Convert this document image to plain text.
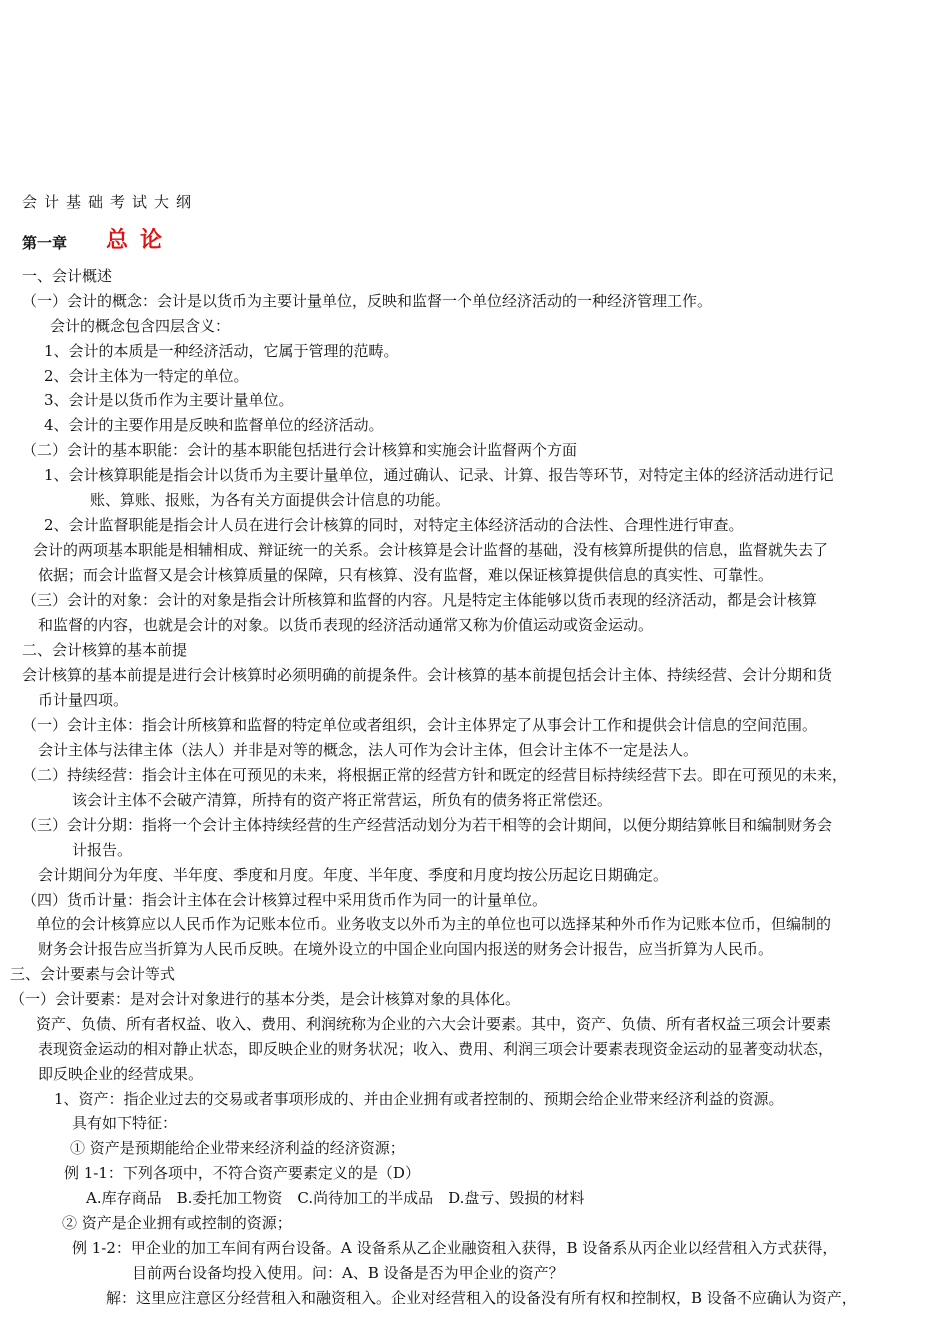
会计基础考试大纲
第一章 总论
一、会计概述
（一）会计的概念：会计是以货币为主要计量单位，反映和监督一个单位经济活动的一种经济管理工作。
会计的概念包含四层含义：
1、会计的本质是一种经济活动，它属于管理的范畴。
2、会计主体为一特定的单位。
3、会计是以货币作为主要计量单位。
4、会计的主要作用是反映和监督单位的经济活动。
（二）会计的基本职能：会计的基本职能包括进行会计核算和实施会计监督两个方面
1、会计核算职能是指会计以货币为主要计量单位，通过确认、记录、计算、报告等环节，对特定主体的经济活动进行记
账、算账、报账，为各有关方面提供会计信息的功能。
2、会计监督职能是指会计人员在进行会计核算的同时，对特定主体经济活动的合法性、合理性进行审查。
会计的两项基本职能是相辅相成、辩证统一的关系。会计核算是会计监督的基础，没有核算所提供的信息，监督就失去了
依据；而会计监督又是会计核算质量的保障，只有核算、没有监督，难以保证核算提供信息的真实性、可靠性。
（三）会计的对象：会计的对象是指会计所核算和监督的内容。凡是特定主体能够以货币表现的经济活动，都是会计核算
和监督的内容，也就是会计的对象。以货币表现的经济活动通常又称为价值运动或资金运动。
二、会计核算的基本前提
会计核算的基本前提是进行会计核算时必须明确的前提条件。会计核算的基本前提包括会计主体、持续经营、会计分期和货
币计量四项。
（一）会计主体：指会计所核算和监督的特定单位或者组织，会计主体界定了从事会计工作和提供会计信息的空间范围。
会计主体与法律主体（法人）并非是对等的概念，法人可作为会计主体，但会计主体不一定是法人。
（二）持续经营：指会计主体在可预见的未来，将根据正常的经营方针和既定的经营目标持续经营下去。即在可预见的未来，
该会计主体不会破产清算，所持有的资产将正常营运，所负有的债务将正常偿还。
（三）会计分期：指将一个会计主体持续经营的生产经营活动划分为若干相等的会计期间，以便分期结算帐目和编制财务会
计报告。
会计期间分为年度、半年度、季度和月度。年度、半年度、季度和月度均按公历起讫日期确定。
（四）货币计量：指会计主体在会计核算过程中采用货币作为同一的计量单位。
单位的会计核算应以人民币作为记账本位币。业务收支以外币为主的单位也可以选择某种外币作为记账本位币，但编制的
财务会计报告应当折算为人民币反映。在境外设立的中国企业向国内报送的财务会计报告，应当折算为人民币。
三、会计要素与会计等式
（一）会计要素：是对会计对象进行的基本分类，是会计核算对象的具体化。
资产、负债、所有者权益、收入、费用、利润统称为企业的六大会计要素。其中，资产、负债、所有者权益三项会计要素
表现资金运动的相对静止状态，即反映企业的财务状况；收入、费用、利润三项会计要素表现资金运动的显著变动状态，
即反映企业的经营成果。
1、资产：指企业过去的交易或者事项形成的、并由企业拥有或者控制的、预期会给企业带来经济利益的资源。
具有如下特征：
① 资产是预期能给企业带来经济利益的经济资源；
例 1-1：下列各项中，不符合资产要素定义的是（D）
A.库存商品　B.委托加工物资　C.尚待加工的半成品　D.盘亏、毁损的材料
② 资产是企业拥有或控制的资源；
例 1-2：甲企业的加工车间有两台设备。A 设备系从乙企业融资租入获得，B 设备系从丙企业以经营租入方式获得，
目前两台设备均投入使用。问：A、B 设备是否为甲企业的资产？
解：这里应注意区分经营租入和融资租入。企业对经营租入的设备没有所有权和控制权，B 设备不应确认为资产，
